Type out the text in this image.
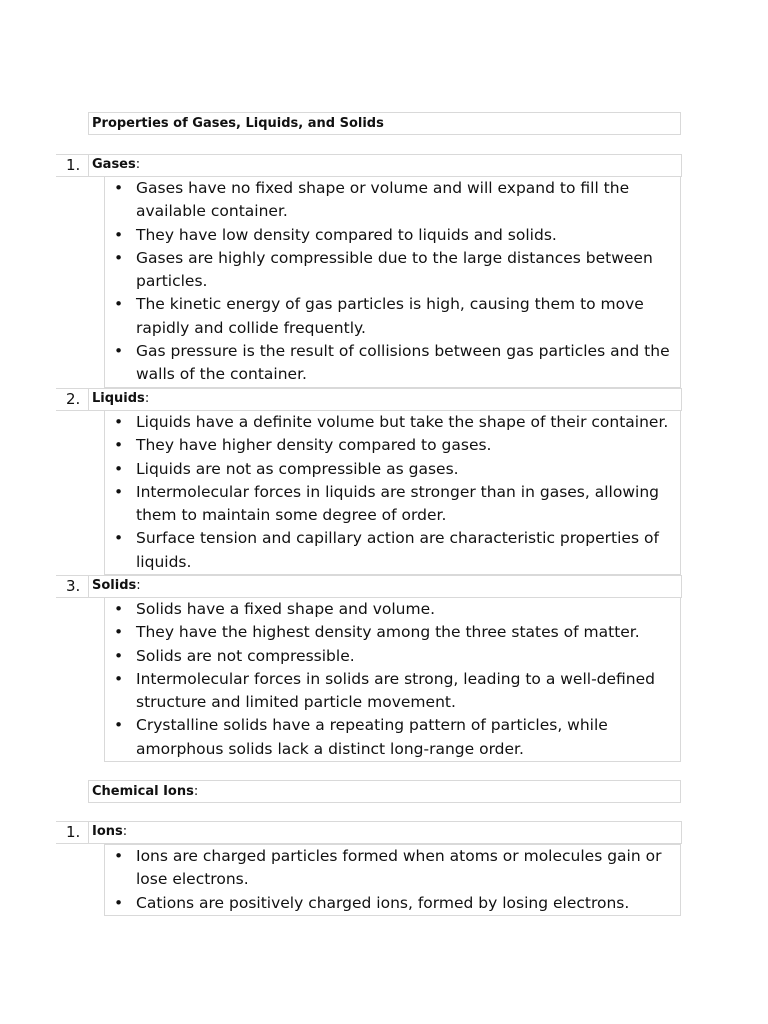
Properties of Gases, Liquids, and Solids
1. Gases:
• Gases have no fixed shape or volume and will expand to fill the available container.
• They have low density compared to liquids and solids.
• Gases are highly compressible due to the large distances between particles.
• The kinetic energy of gas particles is high, causing them to move rapidly and collide frequently.
• Gas pressure is the result of collisions between gas particles and the walls of the container.
2. Liquids:
• Liquids have a definite volume but take the shape of their container.
• They have higher density compared to gases.
• Liquids are not as compressible as gases.
• Intermolecular forces in liquids are stronger than in gases, allowing them to maintain some degree of order.
• Surface tension and capillary action are characteristic properties of liquids.
3. Solids:
• Solids have a fixed shape and volume.
• They have the highest density among the three states of matter.
• Solids are not compressible.
• Intermolecular forces in solids are strong, leading to a well-defined structure and limited particle movement.
• Crystalline solids have a repeating pattern of particles, while amorphous solids lack a distinct long-range order.
Chemical Ions:
1. Ions:
• Ions are charged particles formed when atoms or molecules gain or lose electrons.
• Cations are positively charged ions, formed by losing electrons.
